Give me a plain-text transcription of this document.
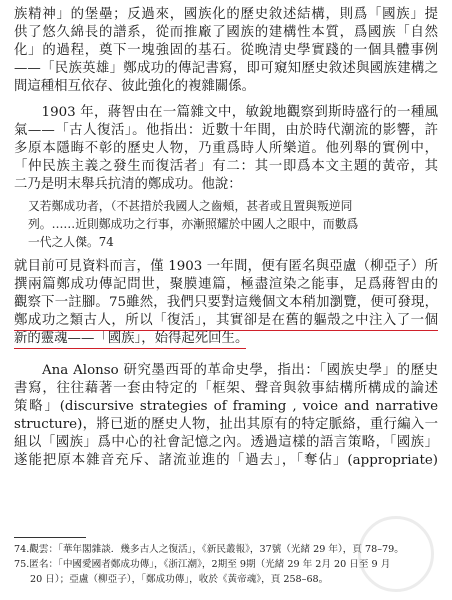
族精神」的堡壘；反過來，國族化的歷史敘述結構，則爲「國族」提
供了悠久綿長的譜系，從而推廠了國族的建構性本質，爲國族「自然
化」的過程，奠下一塊強固的基石。從晚清史學實踐的一個具體事例
——「民族英雄」鄭成功的傳記書寫，即可窺知歷史敘述與國族建構之
間這種相互依存、彼此強化的複雜關係。
　　1903 年，蔣智由在一篇雜文中，敏銳地觀察到斯時盛行的一種風
氣——「古人復活」。他指出：近數十年間，由於時代潮流的影響，許
多原本隱晦不彰的歷史人物，乃重爲時人所樂道。他列舉的實例中，
「仲民族主義之發生而復活者」有二：其一即爲本文主題的黃帝，其
二乃是明末舉兵抗清的鄭成功。他說：
又若鄭成功者，（不甚措於我國人之齒頰，甚者或且置與叛逆同
列。……近則鄭成功之行事，亦漸照耀於中國人之眼中，而數爲
一代之人傑。74
就目前可見資料而言，僅 1903 一年間，便有匿名與亞盧（柳亞子）所
撰兩篇鄭成功傳記問世，聚膜連篇，極盡渲染之能事，足爲蔣智由的
觀察下一註腳。75雖然，我們只要對這幾個文本稍加瀏覽，便可發現，
鄭成功之類古人，所以「復活」，其實卻是在舊的軀殼之中注入了一個
新的靈魂——「國族」，始得起死回生。
　　Ana Alonso 研究墨西哥的革命史學，指出：「國族史學」的歷史
書寫，往往藉著一套由特定的「框架、聲音與敘事結構所構成的論述
策略」(discursive strategies of framing , voice and narrative
structure)，將已逝的歷史人物，扯出其原有的特定脈絡，重行編入一
組以「國族」爲中心的社會記憶之內。透過這樣的語言策略，「國族」
遂能把原本雜音充斥、諸流並進的「過去」，「奪佔」(appropriate)
74.觀雲：「華年閣雜談．幾多古人之復活」，《新民叢報》，37號（光緒 29 年），頁 78–79。
75.匿名：「中國愛國者鄭成功傳」，《浙江潮》，2期至 9期（光緒 29 年 2月 20 日至 9 月
20 日）；亞盧（柳亞子），「鄭成功傳」，收於《黃帝魂》，頁 258–68。
